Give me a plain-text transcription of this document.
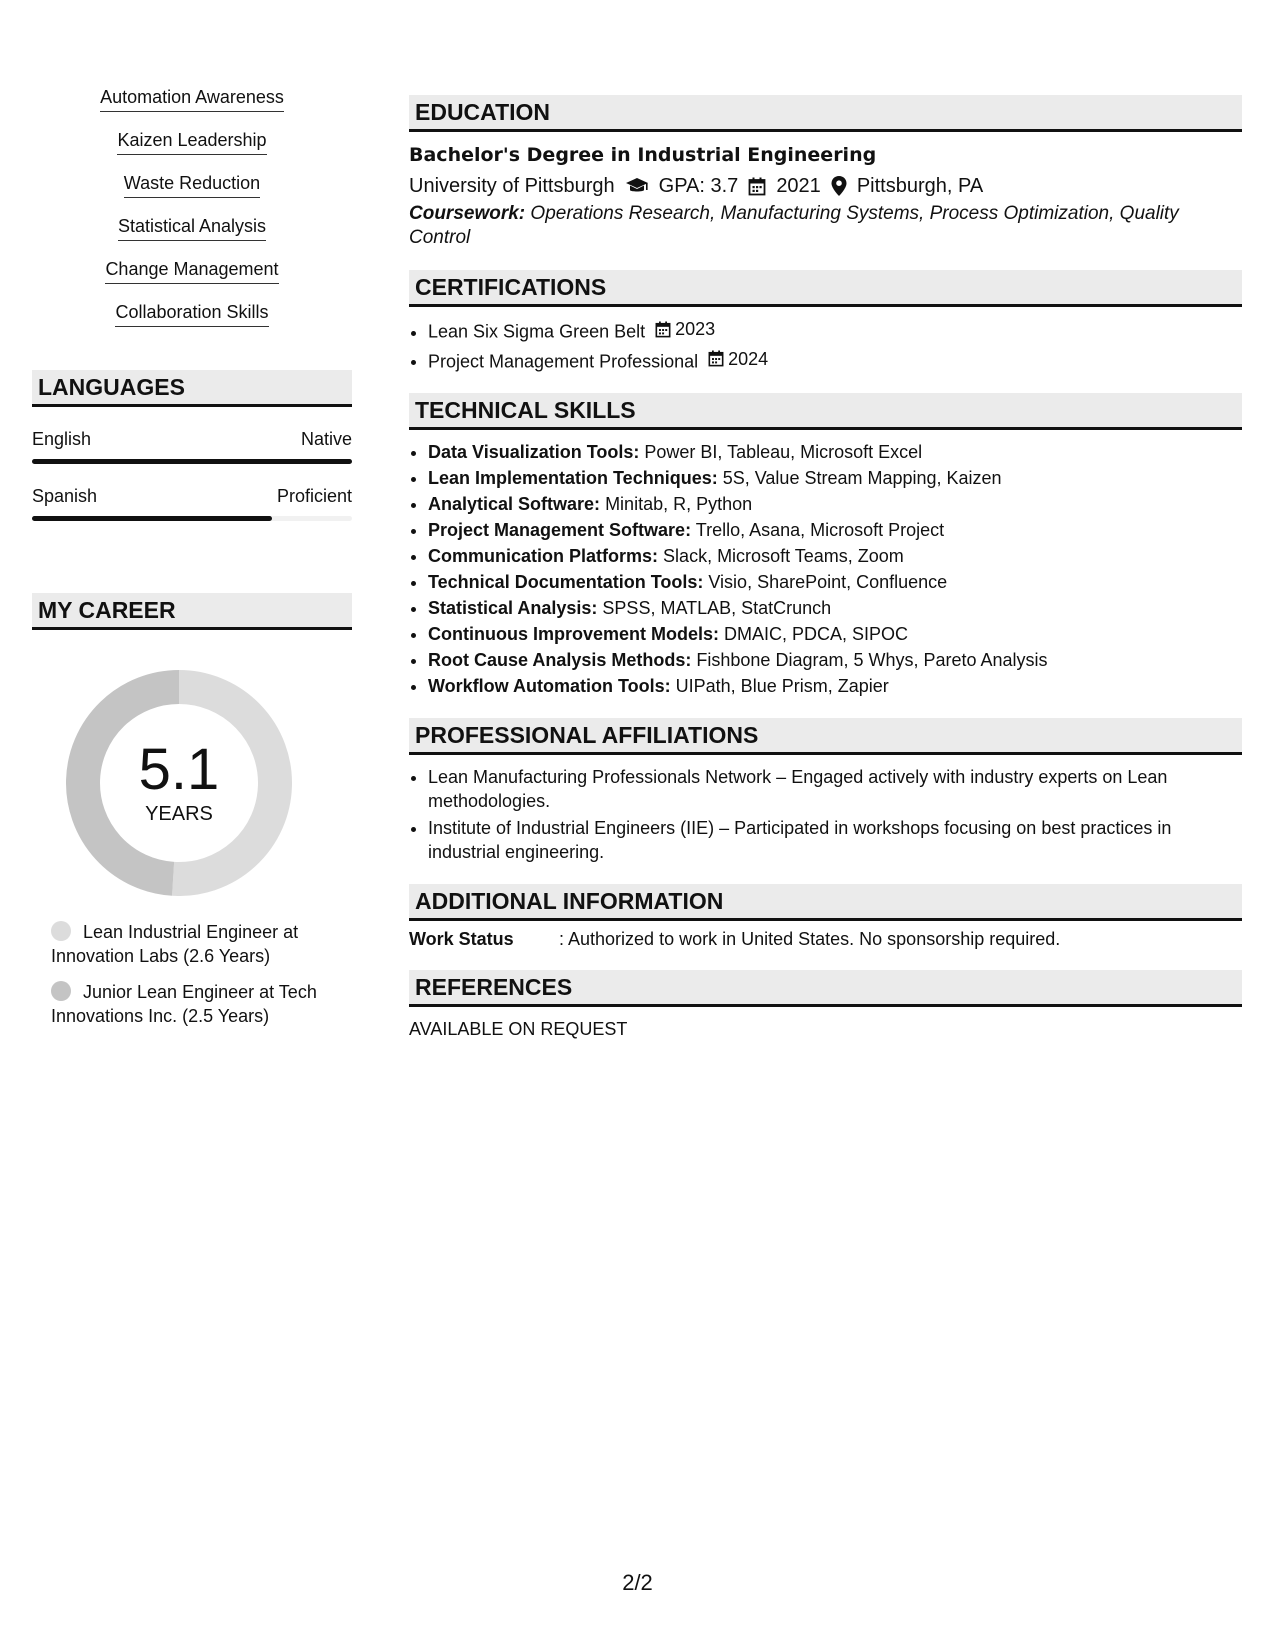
Automation Awareness
Kaizen Leadership
Waste Reduction
Statistical Analysis
Change Management
Collaboration Skills
LANGUAGES
English	Native
Spanish	Proficient
MY CAREER
5.1
YEARS
Lean Industrial Engineer at Innovation Labs (2.6 Years)
Junior Lean Engineer at Tech Innovations Inc. (2.5 Years)
EDUCATION
Bachelor's Degree in Industrial Engineering
University of Pittsburgh GPA: 3.7 2021 Pittsburgh, PA
Coursework: Operations Research, Manufacturing Systems, Process Optimization, Quality Control
CERTIFICATIONS
• Lean Six Sigma Green Belt 2023
• Project Management Professional 2024
TECHNICAL SKILLS
• Data Visualization Tools: Power BI, Tableau, Microsoft Excel
• Lean Implementation Techniques: 5S, Value Stream Mapping, Kaizen
• Analytical Software: Minitab, R, Python
• Project Management Software: Trello, Asana, Microsoft Project
• Communication Platforms: Slack, Microsoft Teams, Zoom
• Technical Documentation Tools: Visio, SharePoint, Confluence
• Statistical Analysis: SPSS, MATLAB, StatCrunch
• Continuous Improvement Models: DMAIC, PDCA, SIPOC
• Root Cause Analysis Methods: Fishbone Diagram, 5 Whys, Pareto Analysis
• Workflow Automation Tools: UIPath, Blue Prism, Zapier
PROFESSIONAL AFFILIATIONS
• Lean Manufacturing Professionals Network – Engaged actively with industry experts on Lean methodologies.
• Institute of Industrial Engineers (IIE) – Participated in workshops focusing on best practices in industrial engineering.
ADDITIONAL INFORMATION
Work Status	: Authorized to work in United States. No sponsorship required.
REFERENCES
AVAILABLE ON REQUEST
2/2
